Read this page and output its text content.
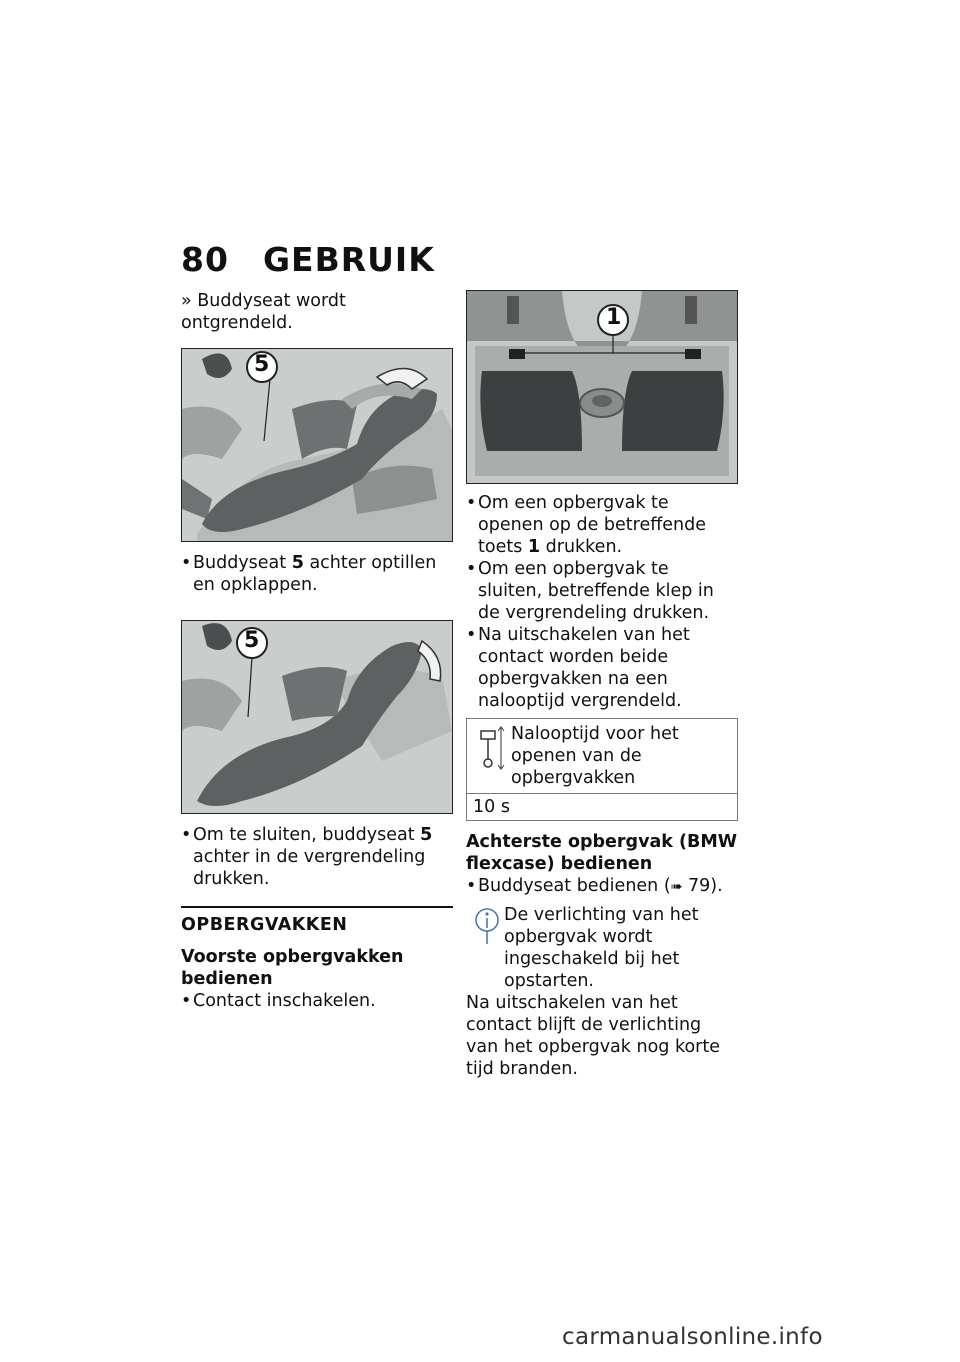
80 GEBRUIK

» Buddyseat wordt ontgrendeld.

5

• Buddyseat 5 achter optillen en opklappen.

5

• Om te sluiten, buddyseat 5 achter in de vergrendeling drukken.

OPBERGVAKKEN

Voorste opbergvakken bedienen

• Contact inschakelen.

1

• Om een opbergvak te openen op de betreffende toets 1 drukken.

• Om een opbergvak te sluiten, betreffende klep in de vergrendeling drukken.

• Na uitschakelen van het contact worden beide opbergvakken na een nalooptijd vergrendeld.

Nalooptijd voor het openen van de opbergvakken

10 s

Achterste opbergvak (BMW flexcase) bedienen

• Buddyseat bedienen (➠ 79).

De verlichting van het opbergvak wordt ingeschakeld bij het opstarten.

Na uitschakelen van het contact blijft de verlichting van het opbergvak nog korte tijd branden.

carmanualsonline.info
